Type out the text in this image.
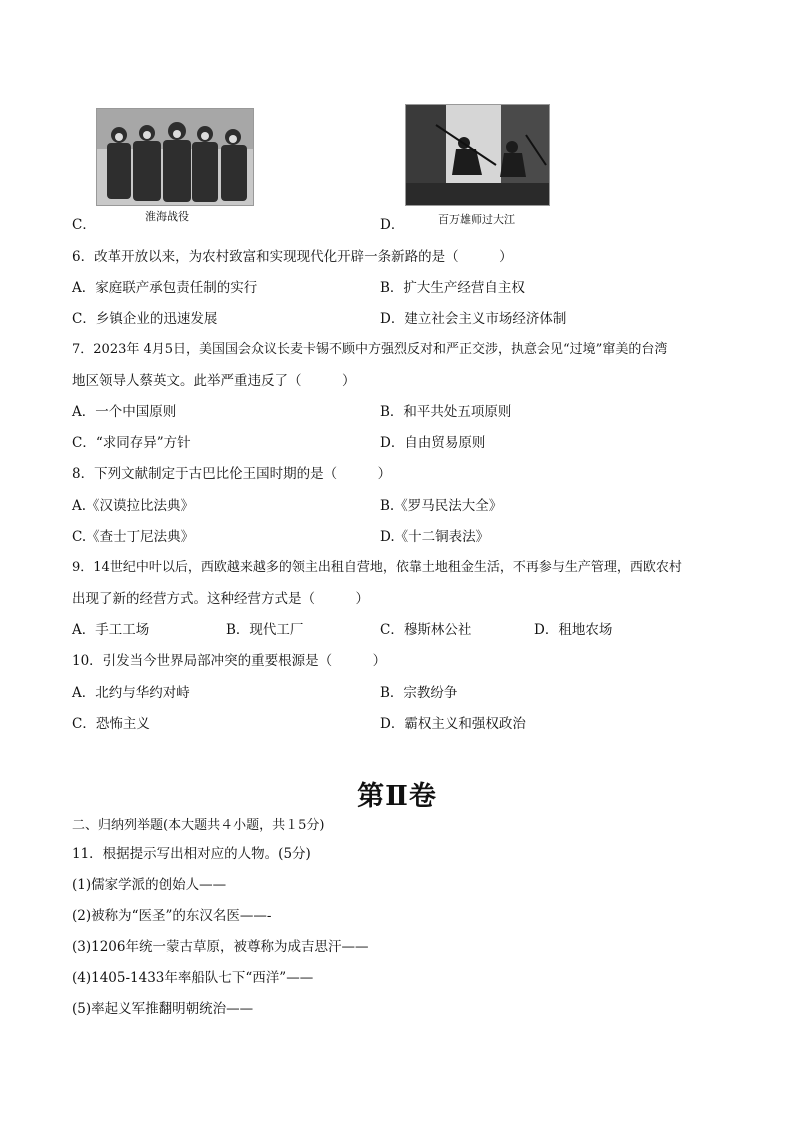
C．
淮海战役
D．	百万雄师过大江
6．改革开放以来，为农村致富和实现现代化开辟一条新路的是（　　　）
A．家庭联产承包责任制的实行	B．扩大生产经营自主权
C．乡镇企业的迅速发展	D．建立社会主义市场经济体制
7．2023年 4月5日，美国国会众议长麦卡锡不顾中方强烈反对和严正交涉，执意会见“过境”窜美的台湾
地区领导人蔡英文。此举严重违反了（　　　）
A．一个中国原则	B．和平共处五项原则
C．“求同存异”方针	D．自由贸易原则
8．下列文献制定于古巴比伦王国时期的是（　　　）
A.《汉谟拉比法典》	B.《罗马民法大全》
C.《查士丁尼法典》	D.《十二铜表法》
9．14世纪中叶以后，西欧越来越多的领主出租自营地，依靠土地租金生活，不再参与生产管理，西欧农村
出现了新的经营方式。这种经营方式是（　　　）
A．手工工场	B．现代工厂	C．穆斯林公社	D．租地农场
10．引发当今世界局部冲突的重要根源是（　　　）
A．北约与华约对峙	B．宗教纷争
C．恐怖主义	D．霸权主义和强权政治
第Ⅱ卷
二、归纳列举题(本大题共４小题，共１5分)
11．根据提示写出相对应的人物。(5分)
(1)儒家学派的创始人——
(2)被称为“医圣”的东汉名医——-
(3)1206年统一蒙古草原，被尊称为成吉思汗——
(4)1405-1433年率船队七下“西洋”——
(5)率起义军推翻明朝统治——
